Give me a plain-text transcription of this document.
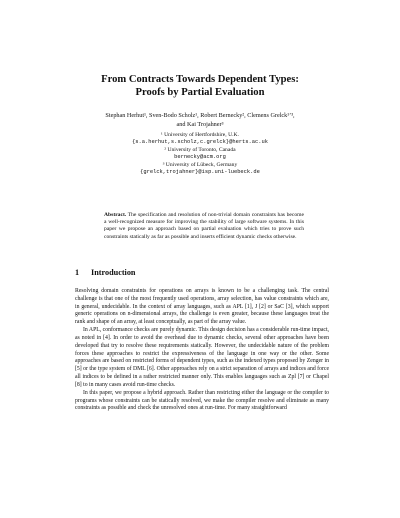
From Contracts Towards Dependent Types:
Proofs by Partial Evaluation
Stephan Herhut¹, Sven-Bodo Scholz¹, Robert Bernecky², Clemens Grelck¹ʼ³,
and Kai Trojahner³
¹ University of Hertfordshire, U.K.
{s.a.herhut,s.scholz,c.grelck}@herts.ac.uk
² University of Toronto, Canada
bernecky@acm.org
³ University of Lübeck, Germany
{grelck,trojahner}@isp.uni-luebeck.de
Abstract. The specification and resolution of non-trivial domain constraints has become a well-recognized measure for improving the stability of large software systems. In this paper we propose an approach based on partial evaluation which tries to prove such constraints statically as far as possible and inserts efficient dynamic checks otherwise.
1 Introduction

Resolving domain constraints for operations on arrays is known to be a challenging task. The central challenge is that one of the most frequently used operations, array selection, has value constraints which are, in general, undecidable. In the context of array languages, such as APL [1], J [2] or SaC [3], which support generic operations on n-dimensional arrays, the challenge is even greater, because these languages treat the rank and shape of an array, at least conceptually, as part of the array value.

In APL, conformance checks are purely dynamic. This design decision has a considerable run-time impact, as noted in [4]. In order to avoid the overhead due to dynamic checks, several other approaches have been developed that try to resolve these requirements statically. However, the undecidable nature of the problem forces these approaches to restrict the expressiveness of the language in one way or the other. Some approaches are based on restricted forms of dependent types, such as the indexed types proposed by Zenger in [5] or the type system of DML [6]. Other approaches rely on a strict separation of arrays and indices and force all indices to be defined in a rather restricted manner only. This enables languages such as Zpl [7] or Chapel [8] to in many cases avoid run-time checks.

In this paper, we propose a hybrid approach. Rather than restricting either the language or the compiler to programs whose constraints can be statically resolved, we make the compiler resolve and eliminate as many constraints as possible and check the unresolved ones at run-time. For many straightforward
